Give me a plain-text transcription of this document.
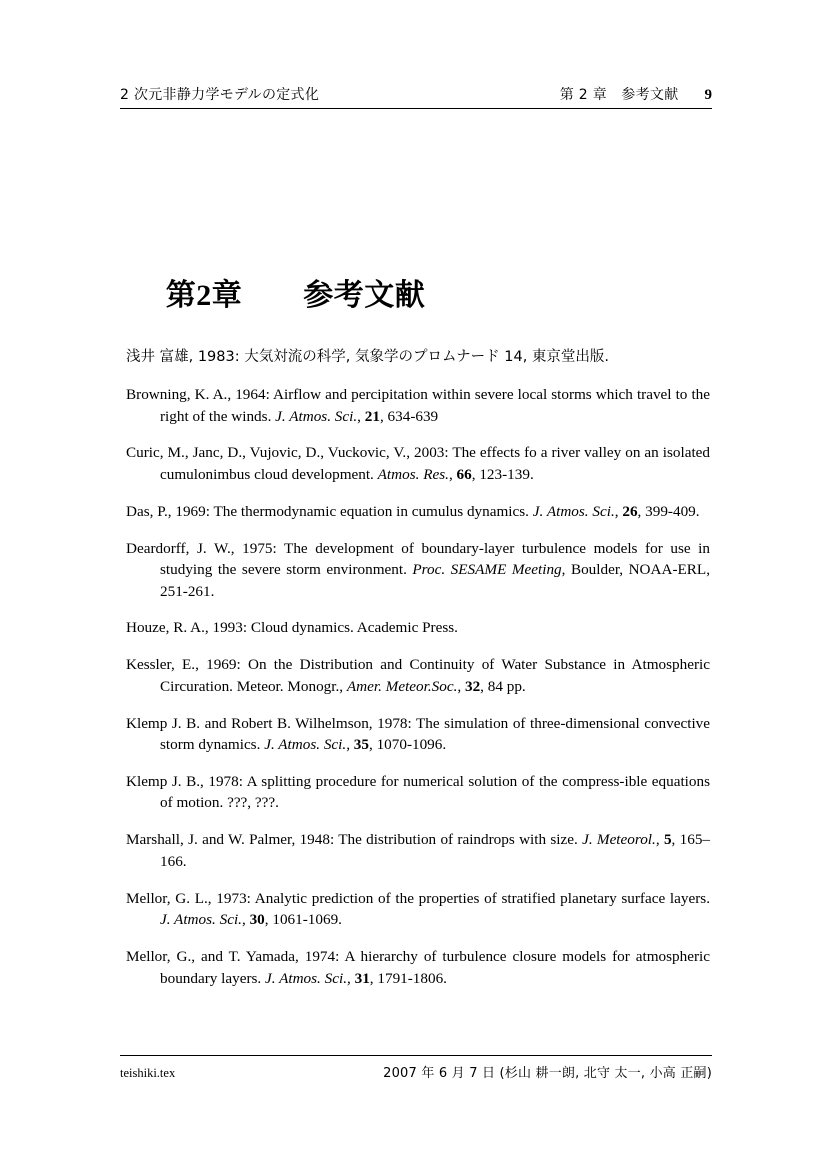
2 次元非静力学モデルの定式化	第 2 章　参考文献 9

第2章　　 参考文献

浅井 富雄, 1983: 大気対流の科学, 気象学のプロムナード 14, 東京堂出版.

Browning, K. A., 1964: Airflow and percipitation within severe local storms which travel to the right of the winds. J. Atmos. Sci., 21, 634-639

Curic, M., Janc, D., Vujovic, D., Vuckovic, V., 2003: The effects fo a river valley on an isolated cumulonimbus cloud development. Atmos. Res., 66, 123-139.

Das, P., 1969: The thermodynamic equation in cumulus dynamics. J. Atmos. Sci., 26, 399-409.

Deardorff, J. W., 1975: The development of boundary-layer turbulence models for use in studying the severe storm environment. Proc. SESAME Meeting, Boulder, NOAA-ERL, 251-261.

Houze, R. A., 1993: Cloud dynamics. Academic Press.

Kessler, E., 1969: On the Distribution and Continuity of Water Substance in Atmospheric Circuration. Meteor. Monogr., Amer. Meteor.Soc., 32, 84 pp.

Klemp J. B. and Robert B. Wilhelmson, 1978: The simulation of three-dimensional convective storm dynamics. J. Atmos. Sci., 35, 1070-1096.

Klemp J. B., 1978: A splitting procedure for numerical solution of the compress-ible equations of motion. ???, ???.

Marshall, J. and W. Palmer, 1948: The distribution of raindrops with size. J. Meteorol., 5, 165–166.

Mellor, G. L., 1973: Analytic prediction of the properties of stratified planetary surface layers. J. Atmos. Sci., 30, 1061-1069.

Mellor, G., and T. Yamada, 1974: A hierarchy of turbulence closure models for atmospheric boundary layers. J. Atmos. Sci., 31, 1791-1806.

teishiki.tex	2007 年 6 月 7 日 (杉山 耕一朗, 北守 太一, 小高 正嗣)
